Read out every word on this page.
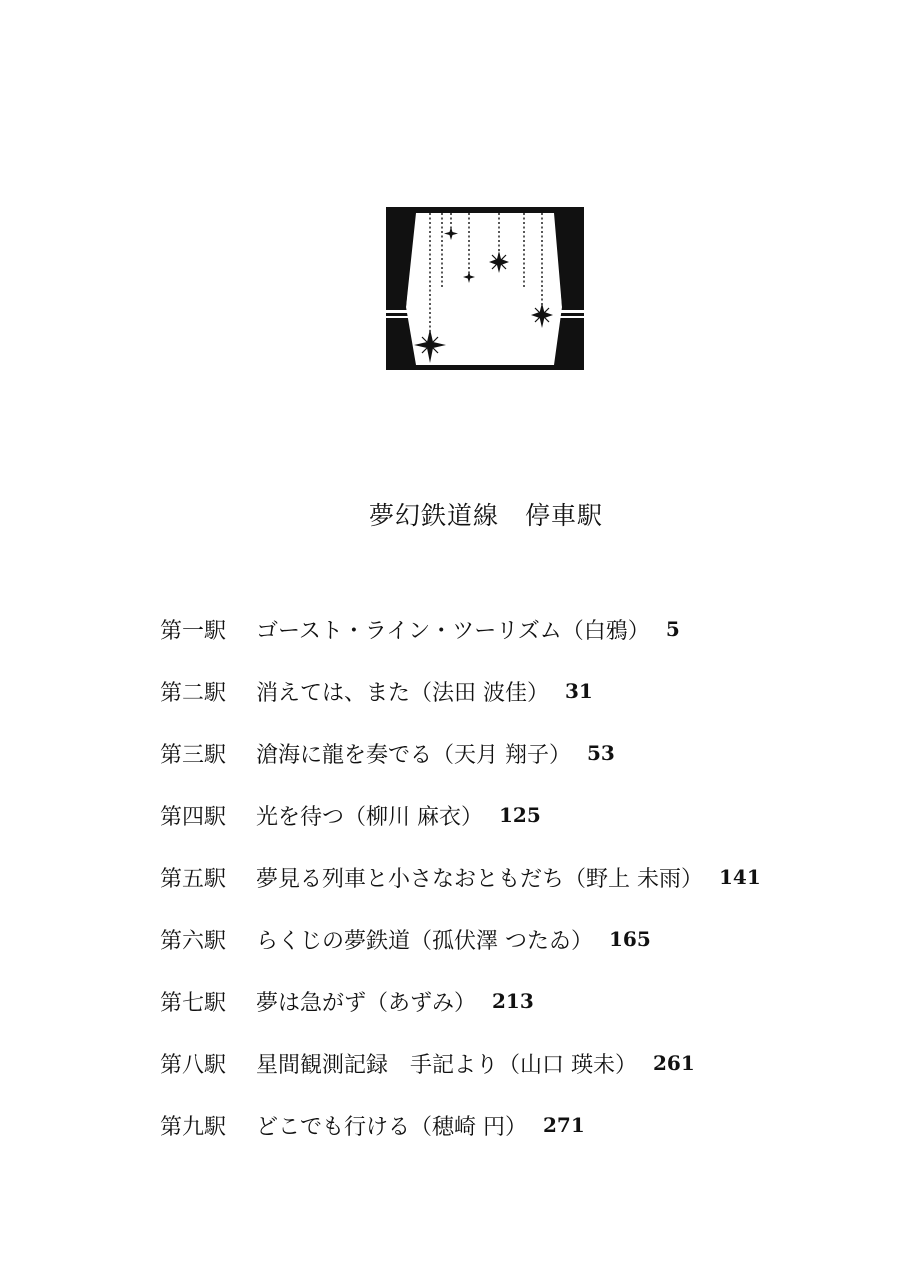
夢幻鉄道線　停車駅
第一駅	ゴースト・ライン・ツーリズム（白鴉） 5
第二駅	消えては、また（法田 波佳） 31
第三駅	滄海に龍を奏でる（天月 翔子） 53
第四駅	光を待つ（柳川 麻衣） 125
第五駅	夢見る列車と小さなおともだち（野上 未雨） 141
第六駅	らくじの夢鉄道（孤伏澤 つたゐ） 165
第七駅	夢は急がず（あずみ） 213
第八駅	星間観測記録　手記より（山口 瑛未） 261
第九駅	どこでも行ける（穂崎 円） 271
